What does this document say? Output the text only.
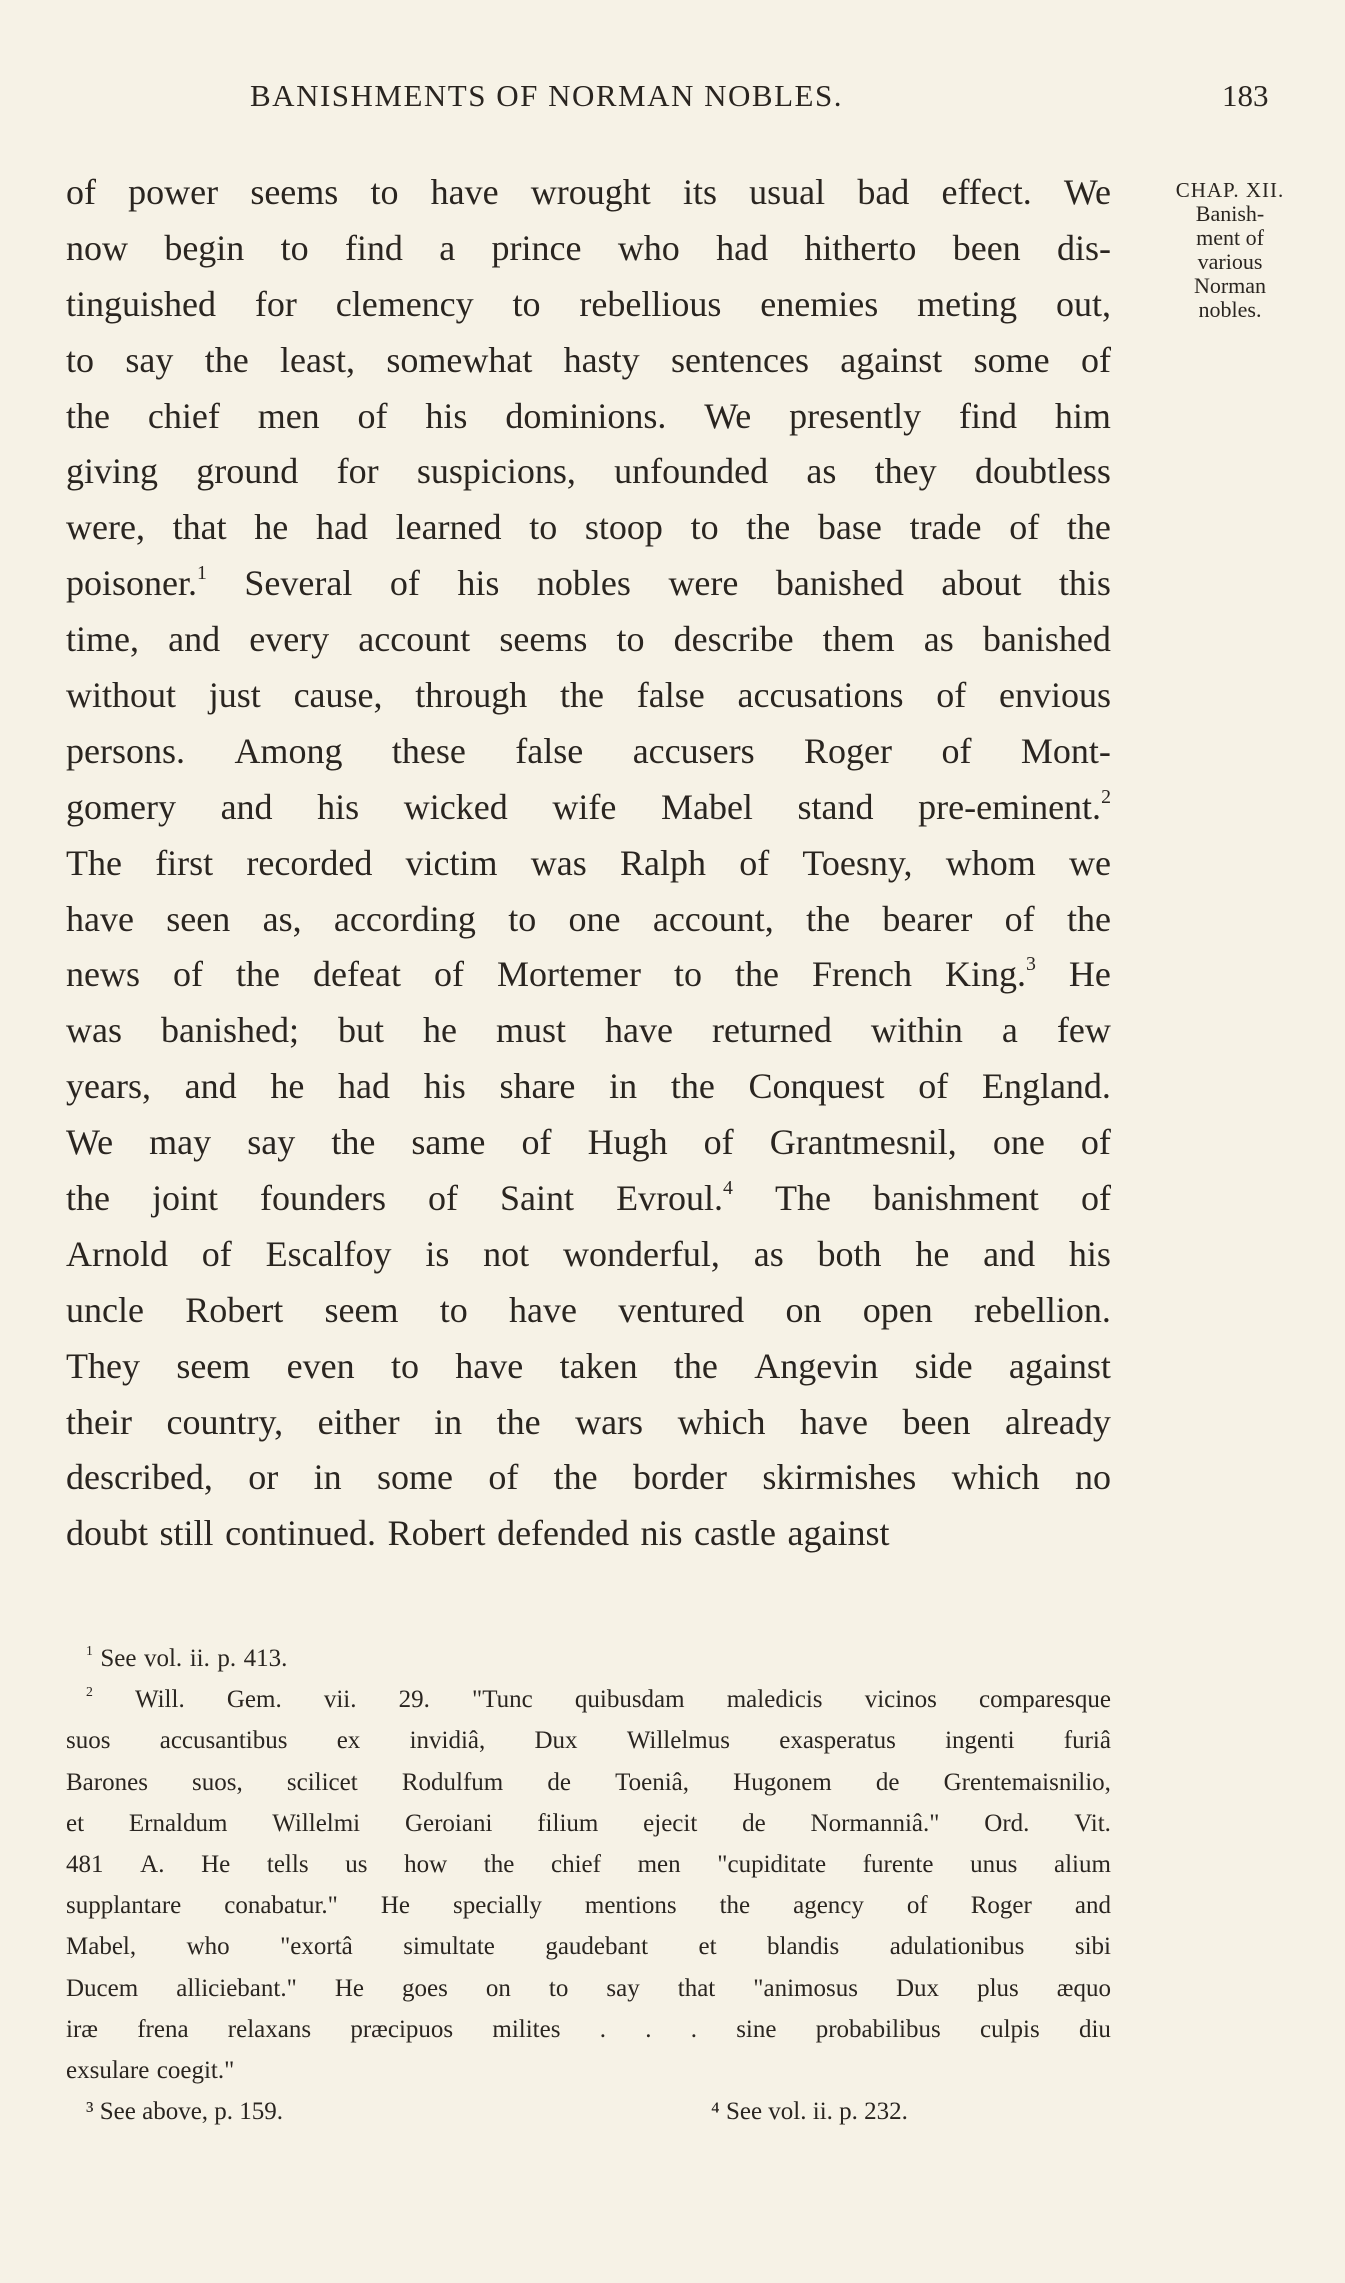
BANISHMENTS OF NORMAN NOBLES.	183
CHAP. XII.
Banish-
ment of
various
Norman
nobles.
of power seems to have wrought its usual bad effect. We
now begin to find a prince who had hitherto been dis-
tinguished for clemency to rebellious enemies meting out,
to say the least, somewhat hasty sentences against some of
the chief men of his dominions. We presently find him
giving ground for suspicions, unfounded as they doubtless
were, that he had learned to stoop to the base trade of the
poisoner.$^1$ Several of his nobles were banished about this
time, and every account seems to describe them as banished
without just cause, through the false accusations of envious
persons. Among these false accusers Roger of Mont-
gomery and his wicked wife Mabel stand pre-eminent.$^2$
The first recorded victim was Ralph of Toesny, whom we
have seen as, according to one account, the bearer of the
news of the defeat of Mortemer to the French King.$^3$ He
was banished; but he must have returned within a few
years, and he had his share in the Conquest of England.
We may say the same of Hugh of Grantmesnil, one of
the joint founders of Saint Evroul.$^4$ The banishment of
Arnold of Escalfoy is not wonderful, as both he and his
uncle Robert seem to have ventured on open rebellion.
They seem even to have taken the Angevin side against
their country, either in the wars which have been already
described, or in some of the border skirmishes which no
doubt still continued. Robert defended nis castle against
$^1$ See vol. ii. p. 413.
$^2$ Will. Gem. vii. 29. "Tunc quibusdam maledicis vicinos comparesque
suos accusantibus ex invidiâ, Dux Willelmus exasperatus ingenti furiâ
Barones suos, scilicet Rodulfum de Toeniâ, Hugonem de Grentemaisnilio,
et Ernaldum Willelmi Geroiani filium ejecit de Normanniâ." Ord. Vit.
481 A. He tells us how the chief men "cupiditate furente unus alium
supplantare conabatur." He specially mentions the agency of Roger and
Mabel, who "exortâ simultate gaudebant et blandis adulationibus sibi
Ducem alliciebant." He goes on to say that "animosus Dux plus æquo
iræ frena relaxans præcipuos milites . . . sine probabilibus culpis diu
exsulare coegit."
³ See above, p. 159.	⁴ See vol. ii. p. 232.
